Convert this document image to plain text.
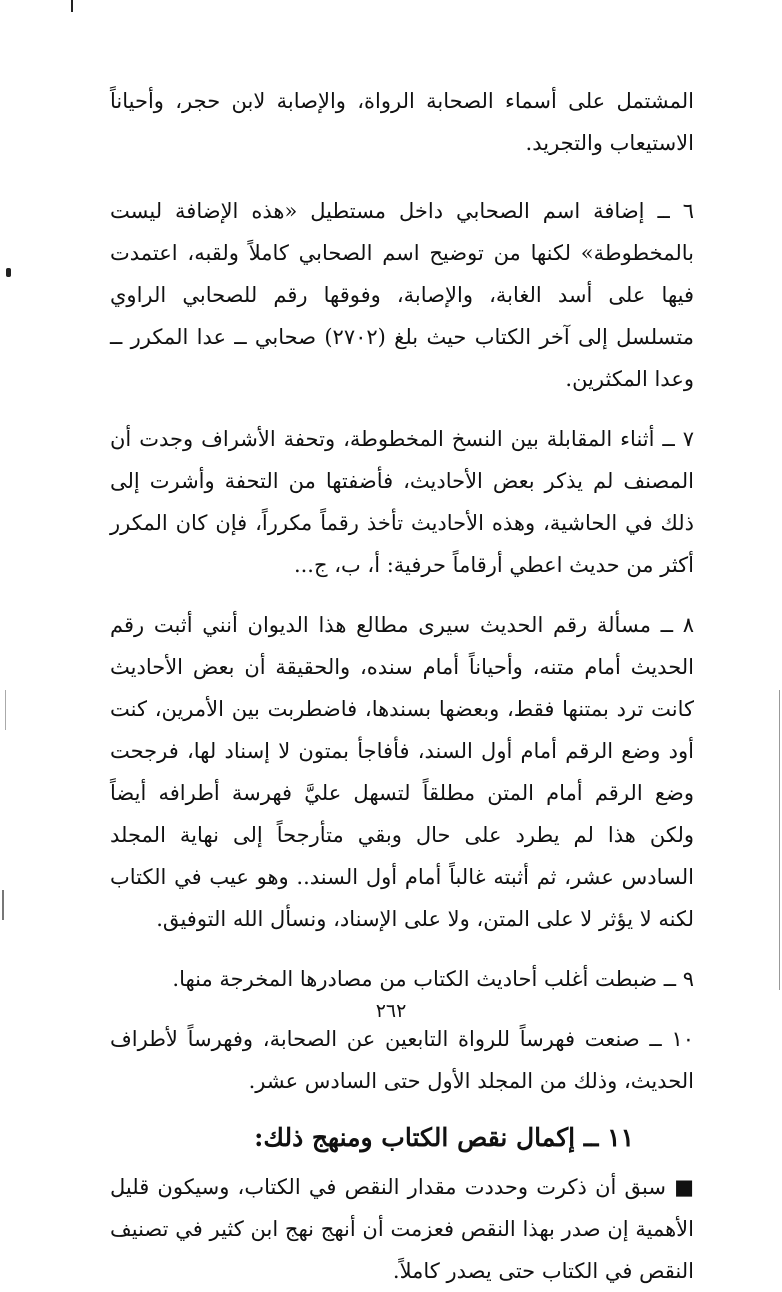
المشتمل على أسماء الصحابة الرواة، والإصابة لابن حجر، وأحياناً الاستيعاب والتجريد.

٦ ــ إضافة اسم الصحابي داخل مستطيل «هذه الإضافة ليست بالمخطوطة» لكنها من توضيح اسم الصحابي كاملاً ولقبه، اعتمدت فيها على أسد الغابة، والإصابة، وفوقها رقم للصحابي الراوي متسلسل إلى آخر الكتاب حيث بلغ (٢٧٠٢) صحابي ــ عدا المكرر ــ وعدا المكثرين.

٧ ــ أثناء المقابلة بين النسخ المخطوطة، وتحفة الأشراف وجدت أن المصنف لم يذكر بعض الأحاديث، فأضفتها من التحفة وأشرت إلى ذلك في الحاشية، وهذه الأحاديث تأخذ رقماً مكرراً، فإن كان المكرر أكثر من حديث اعطي أرقاماً حرفية: أ، ب، ج...

٨ ــ مسألة رقم الحديث سيرى مطالع هذا الديوان أنني أثبت رقم الحديث أمام متنه، وأحياناً أمام سنده، والحقيقة أن بعض الأحاديث كانت ترد بمتنها فقط، وبعضها بسندها، فاضطربت بين الأمرين، كنت أود وضع الرقم أمام أول السند، فأفاجأ بمتون لا إسناد لها، فرجحت وضع الرقم أمام المتن مطلقاً لتسهل عليَّ فهرسة أطرافه أيضاً ولكن هذا لم يطرد على حال وبقي متأرجحاً إلى نهاية المجلد السادس عشر، ثم أثبته غالباً أمام أول السند.. وهو عيب في الكتاب لكنه لا يؤثر لا على المتن، ولا على الإسناد، ونسأل الله التوفيق.

٩ ــ ضبطت أغلب أحاديث الكتاب من مصادرها المخرجة منها.

١٠ ــ صنعت فهرساً للرواة التابعين عن الصحابة، وفهرساً لأطراف الحديث، وذلك من المجلد الأول حتى السادس عشر.

١١ ــ إكمال نقص الكتاب ومنهج ذلك:

■ سبق أن ذكرت وحددت مقدار النقص في الكتاب، وسيكون قليل الأهمية إن صدر بهذا النقص فعزمت أن أنهج نهج ابن كثير في تصنيف النقص في الكتاب حتى يصدر كاملاً.

٢٦٢
